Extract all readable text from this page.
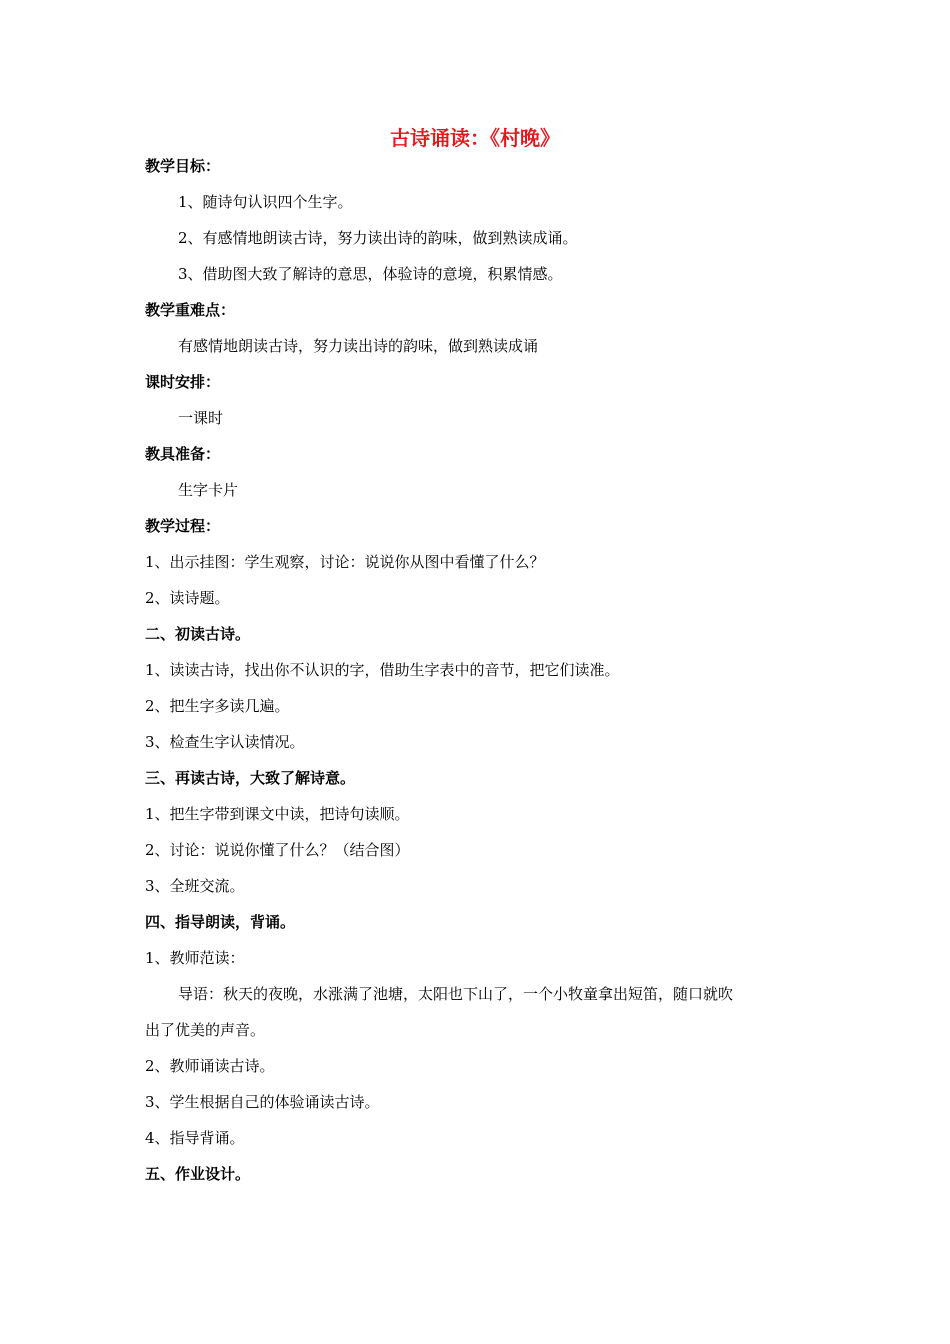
古诗诵读：《村晚》
教学目标：
1、随诗句认识四个生字。
2、有感情地朗读古诗，努力读出诗的韵味，做到熟读成诵。
3、借助图大致了解诗的意思，体验诗的意境，积累情感。
教学重难点：
有感情地朗读古诗，努力读出诗的韵味，做到熟读成诵
课时安排：
一课时
教具准备：
生字卡片
教学过程：
1、出示挂图：学生观察，讨论：说说你从图中看懂了什么？
2、读诗题。
二、初读古诗。
1、读读古诗，找出你不认识的字，借助生字表中的音节，把它们读准。
2、把生字多读几遍。
3、检查生字认读情况。
三、再读古诗，大致了解诗意。
1、把生字带到课文中读，把诗句读顺。
2、讨论：说说你懂了什么？（结合图）
3、全班交流。
四、指导朗读，背诵。
1、教师范读：
导语：秋天的夜晚，水涨满了池塘，太阳也下山了，一个小牧童拿出短笛，随口就吹
出了优美的声音。
2、教师诵读古诗。
3、学生根据自己的体验诵读古诗。
4、指导背诵。
五、作业设计。
